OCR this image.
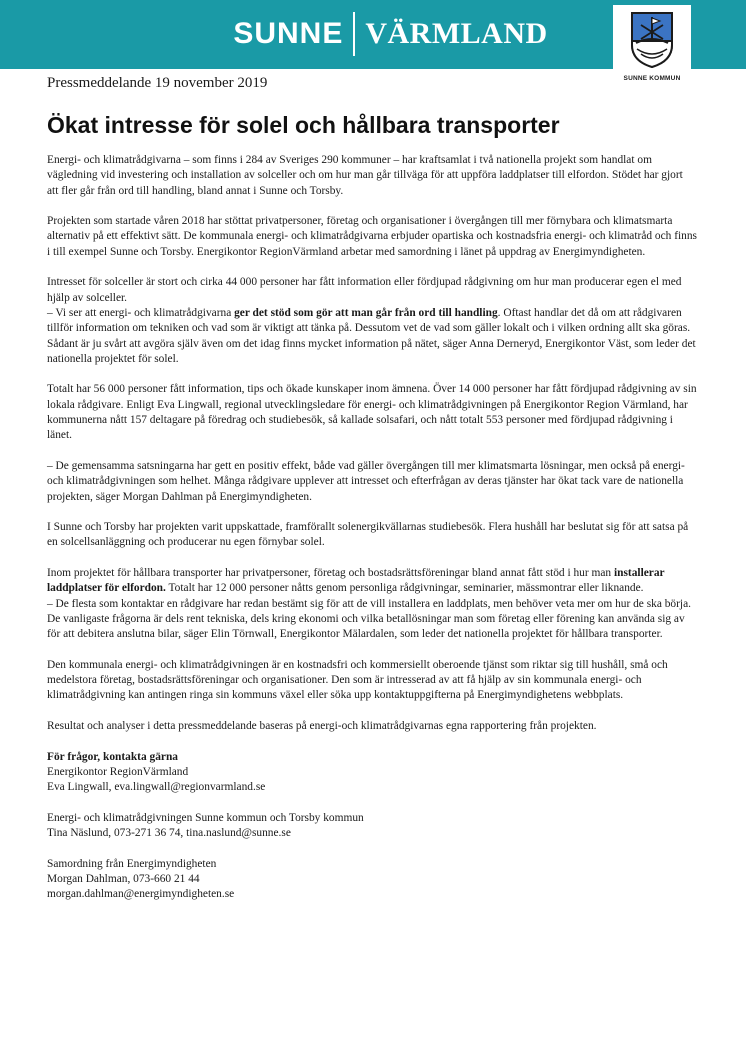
SUNNE VÄRMLAND
SUNNE KOMMUN
Pressmeddelande 19 november 2019
Ökat intresse för solel och hållbara transporter

Energi- och klimatrådgivarna – som finns i 284 av Sveriges 290 kommuner – har kraftsamlat i två nationella projekt som handlat om vägledning vid investering och installation av solceller och om hur man går tillväga för att uppföra laddplatser till elfordon. Stödet har gjort att fler går från ord till handling, bland annat i Sunne och Torsby.

Projekten som startade våren 2018 har stöttat privatpersoner, företag och organisationer i övergången till mer förnybara och klimatsmarta alternativ på ett effektivt sätt. De kommunala energi- och klimatrådgivarna erbjuder opartiska och kostnadsfria energi- och klimatråd och finns i till exempel Sunne och Torsby. Energikontor RegionVärmland arbetar med samordning i länet på uppdrag av Energimyndigheten.

Intresset för solceller är stort och cirka 44 000 personer har fått information eller fördjupad rådgivning om hur man producerar egen el med hjälp av solceller.

– Vi ser att energi- och klimatrådgivarna ger det stöd som gör att man går från ord till handling. Oftast handlar det då om att rådgivaren tillför information om tekniken och vad som är viktigt att tänka på. Dessutom vet de vad som gäller lokalt och i vilken ordning allt ska göras. Sådant är ju svårt att avgöra själv även om det idag finns mycket information på nätet, säger Anna Derneryd, Energikontor Väst, som leder det nationella projektet för solel.

Totalt har 56 000 personer fått information, tips och ökade kunskaper inom ämnena. Över 14 000 personer har fått fördjupad rådgivning av sin lokala rådgivare. Enligt Eva Lingwall, regional utvecklingsledare för energi- och klimatrådgivningen på Energikontor Region Värmland, har kommunerna nått 157 deltagare på föredrag och studiebesök, så kallade solsafari, och nått totalt 553 personer med fördjupad rådgivning i länet.

– De gemensamma satsningarna har gett en positiv effekt, både vad gäller övergången till mer klimatsmarta lösningar, men också på energi- och klimatrådgivningen som helhet. Många rådgivare upplever att intresset och efterfrågan av deras tjänster har ökat tack vare de nationella projekten, säger Morgan Dahlman på Energimyndigheten.

I Sunne och Torsby har projekten varit uppskattade, framförallt solenergikvällarnas studiebesök. Flera hushåll har beslutat sig för att satsa på en solcellsanläggning och producerar nu egen förnybar solel.

Inom projektet för hållbara transporter har privatpersoner, företag och bostadsrättsföreningar bland annat fått stöd i hur man installerar laddplatser för elfordon. Totalt har 12 000 personer nåtts genom personliga rådgivningar, seminarier, mässmontrar eller liknande.

– De flesta som kontaktar en rådgivare har redan bestämt sig för att de vill installera en laddplats, men behöver veta mer om hur de ska börja. De vanligaste frågorna är dels rent tekniska, dels kring ekonomi och vilka betallösningar man som företag eller förening kan använda sig av för att debitera anslutna bilar, säger Elin Törnwall, Energikontor Mälardalen, som leder det nationella projektet för hållbara transporter.

Den kommunala energi- och klimatrådgivningen är en kostnadsfri och kommersiellt oberoende tjänst som riktar sig till hushåll, små och medelstora företag, bostadsrättsföreningar och organisationer. Den som är intresserad av att få hjälp av sin kommunala energi- och klimatrådgivning kan antingen ringa sin kommuns växel eller söka upp kontaktuppgifterna på Energimyndighetens webbplats.

Resultat och analyser i detta pressmeddelande baseras på energi-och klimatrådgivarnas egna rapportering från projekten.

För frågor, kontakta gärna
Energikontor RegionVärmland
Eva Lingwall, eva.lingwall@regionvarmland.se
Energi- och klimatrådgivningen Sunne kommun och Torsby kommun
Tina Näslund, 073-271 36 74, tina.naslund@sunne.se
Samordning från Energimyndigheten
Morgan Dahlman, 073-660 21 44
morgan.dahlman@energimyndigheten.se
